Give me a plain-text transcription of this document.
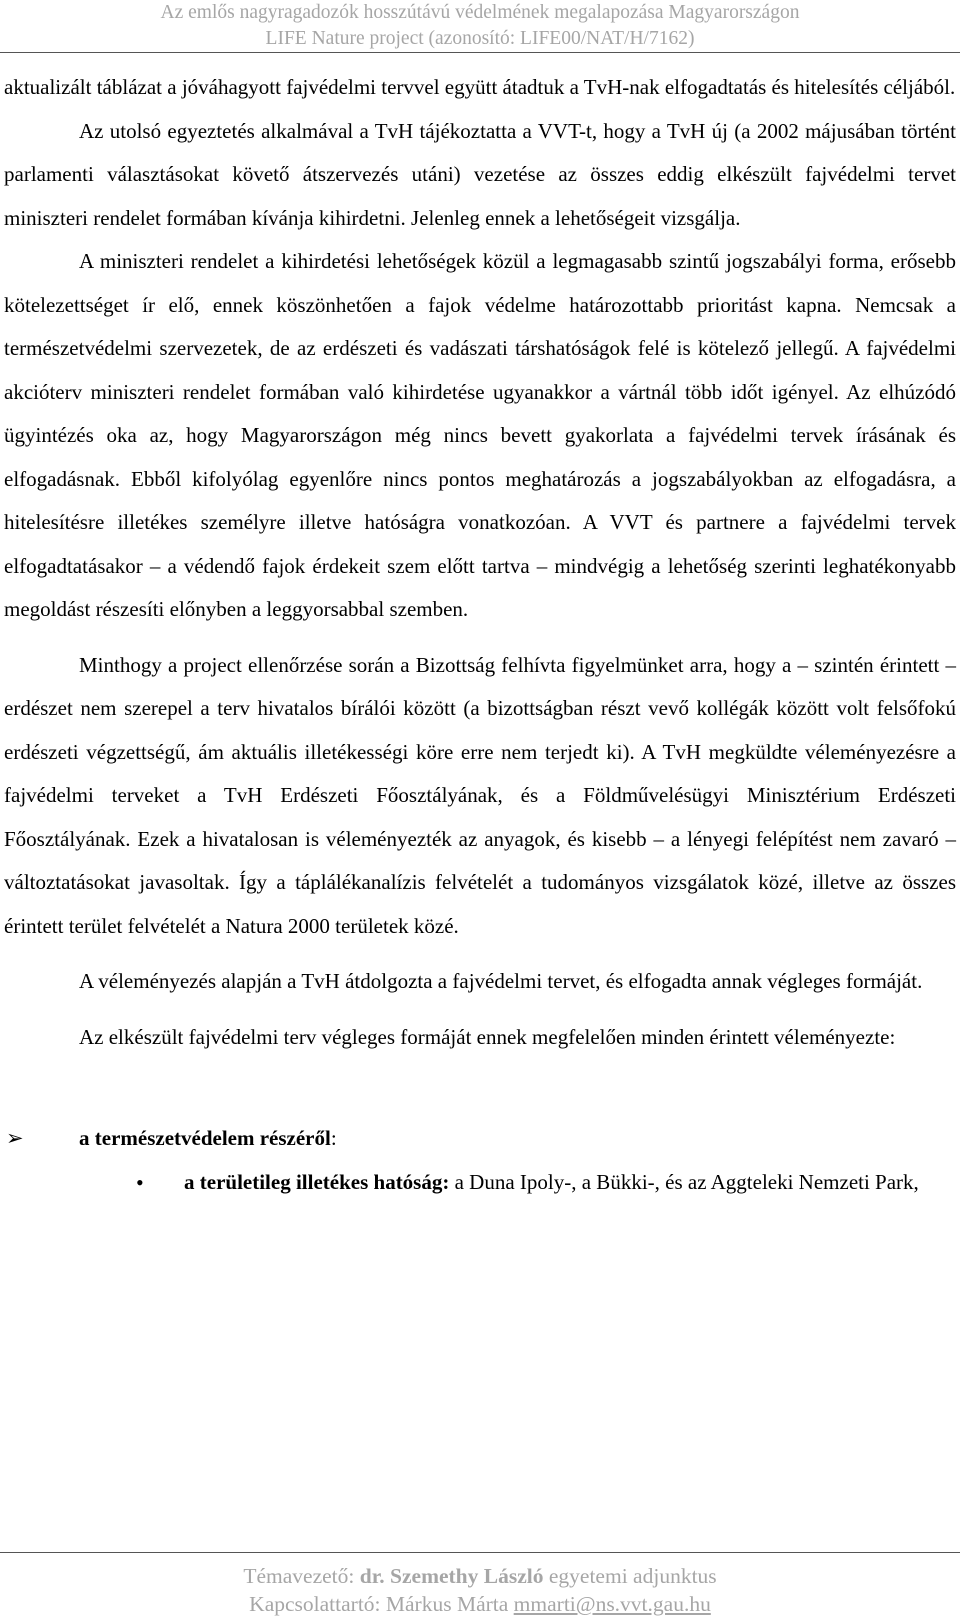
Az emlős nagyragadozók hosszútávú védelmének megalapozása Magyarországon
LIFE Nature project (azonosító: LIFE00/NAT/H/7162)

aktualizált táblázat a jóváhagyott fajvédelmi tervvel együtt átadtuk a TvH-nak elfogadtatás és hitelesítés céljából.

Az utolsó egyeztetés alkalmával a TvH tájékoztatta a VVT-t, hogy a TvH új (a 2002 májusában történt parlamenti választásokat követő átszervezés utáni) vezetése az összes eddig elkészült fajvédelmi tervet miniszteri rendelet formában kívánja kihirdetni. Jelenleg ennek a lehetőségeit vizsgálja.

A miniszteri rendelet a kihirdetési lehetőségek közül a legmagasabb szintű jogszabályi forma, erősebb kötelezettséget ír elő, ennek köszönhetően a fajok védelme határozottabb prioritást kapna. Nemcsak a természetvédelmi szervezetek, de az erdészeti és vadászati társhatóságok felé is kötelező jellegű. A fajvédelmi akcióterv miniszteri rendelet formában való kihirdetése ugyanakkor a vártnál több időt igényel. Az elhúzódó ügyintézés oka az, hogy Magyarországon még nincs bevett gyakorlata a fajvédelmi tervek írásának és elfogadásnak. Ebből kifolyólag egyenlőre nincs pontos meghatározás a jogszabályokban az elfogadásra, a hitelesítésre illetékes személyre illetve hatóságra vonatkozóan. A VVT és partnere a fajvédelmi tervek elfogadtatásakor – a védendő fajok érdekeit szem előtt tartva – mindvégig a lehetőség szerinti leghatékonyabb megoldást részesíti előnyben a leggyorsabbal szemben.

Minthogy a project ellenőrzése során a Bizottság felhívta figyelmünket arra, hogy a – szintén érintett – erdészet nem szerepel a terv hivatalos bírálói között (a bizottságban részt vevő kollégák között volt felsőfokú erdészeti végzettségű, ám aktuális illetékességi köre erre nem terjedt ki). A TvH megküldte véleményezésre a fajvédelmi terveket a TvH Erdészeti Főosztályának, és a Földművelésügyi Minisztérium Erdészeti Főosztályának. Ezek a hivatalosan is véleményezték az anyagok, és kisebb – a lényegi felépítést nem zavaró – változtatásokat javasoltak. Így a táplálékanalízis felvételét a tudományos vizsgálatok közé, illetve az összes érintett terület felvételét a Natura 2000 területek közé.

A véleményezés alapján a TvH átdolgozta a fajvédelmi tervet, és elfogadta annak végleges formáját.

Az elkészült fajvédelmi terv végleges formáját ennek megfelelően minden érintett véleményezte:

➢	a természetvédelem részéről:
•	a területileg illetékes hatóság: a Duna Ipoly-, a Bükki-, és az Aggteleki Nemzeti Park,
Témavezető: dr. Szemethy László egyetemi adjunktus
Kapcsolattartó: Márkus Márta mmarti@ns.vvt.gau.hu
